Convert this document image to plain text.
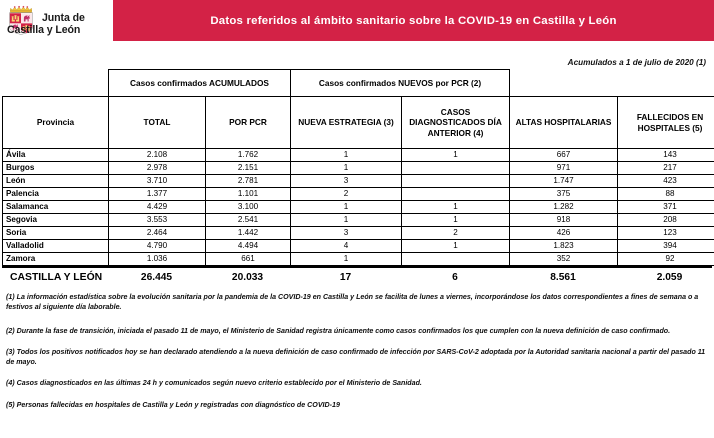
Datos referidos al ámbito sanitario sobre la COVID-19 en Castilla y León
Junta de
Castilla y León
Acumulados a 1 de julio de 2020 (1)
	Casos confirmados ACUMULADOS		Casos confirmados NUEVOS por PCR (2)			
Provincia	TOTAL	POR PCR	NUEVA ESTRATEGIA (3)	CASOS DIAGNOSTICADOS DÍA ANTERIOR (4)	ALTAS HOSPITALARIAS	FALLECIDOS EN HOSPITALES (5)
Ávila	2.108	1.762	1	1	667	143
Burgos	2.978	2.151	1		971	217
León	3.710	2.781	3		1.747	423
Palencia	1.377	1.101	2		375	88
Salamanca	4.429	3.100	1	1	1.282	371
Segovia	3.553	2.541	1	1	918	208
Soria	2.464	1.442	3	2	426	123
Valladolid	4.790	4.494	4	1	1.823	394
Zamora	1.036	661	1		352	92
CASTILLA Y LEÓN	26.445	20.033	17	6	8.561	2.059
(1) La información estadística sobre la evolución sanitaria por la pandemia de la COVID-19 en Castilla y León se facilita de lunes a viernes, incorporándose los datos correspondientes a fines de semana o a festivos al siguiente día laborable.
(2) Durante la fase de transición, iniciada el pasado 11 de mayo, el Ministerio de Sanidad registra únicamente como casos confirmados los que cumplen con la nueva definición de caso confirmado.
(3) Todos los positivos notificados hoy se han declarado atendiendo a la nueva definición de caso confirmado de infección por SARS-CoV-2 adoptada por la Autoridad sanitaria nacional a partir del pasado 11 de mayo.
(4) Casos diagnosticados en las últimas 24 h y comunicados según nuevo criterio establecido por el Ministerio de Sanidad.
(5) Personas fallecidas en hospitales de Castilla y León y registradas con diagnóstico de COVID-19
